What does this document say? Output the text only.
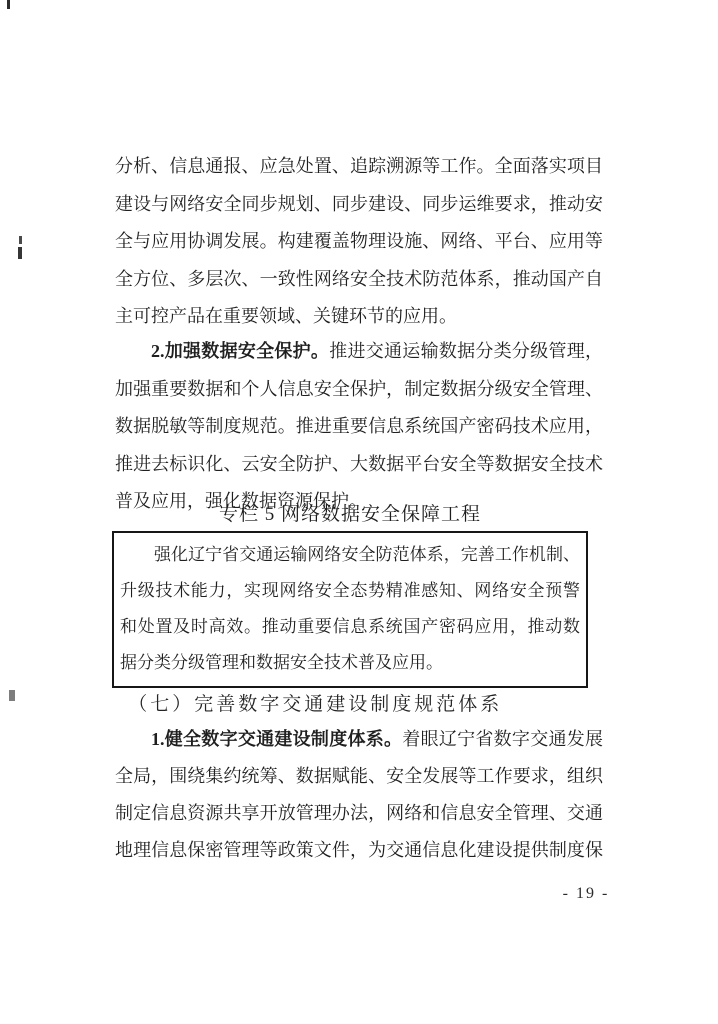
分析、信息通报、应急处置、追踪溯源等工作。全面落实项目
建设与网络安全同步规划、同步建设、同步运维要求，推动安
全与应用协调发展。构建覆盖物理设施、网络、平台、应用等
全方位、多层次、一致性网络安全技术防范体系，推动国产自
主可控产品在重要领域、关键环节的应用。
2.加强数据安全保护。推进交通运输数据分类分级管理，
加强重要数据和个人信息安全保护，制定数据分级安全管理、
数据脱敏等制度规范。推进重要信息系统国产密码技术应用，
推进去标识化、云安全防护、大数据平台安全等数据安全技术
普及应用，强化数据资源保护。
专栏 5 网络数据安全保障工程
强化辽宁省交通运输网络安全防范体系，完善工作机制、
升级技术能力，实现网络安全态势精准感知、网络安全预警
和处置及时高效。推动重要信息系统国产密码应用，推动数
据分类分级管理和数据安全技术普及应用。
（七）完善数字交通建设制度规范体系
1.健全数字交通建设制度体系。着眼辽宁省数字交通发展
全局，围绕集约统筹、数据赋能、安全发展等工作要求，组织
制定信息资源共享开放管理办法，网络和信息安全管理、交通
地理信息保密管理等政策文件，为交通信息化建设提供制度保
- 19 -
